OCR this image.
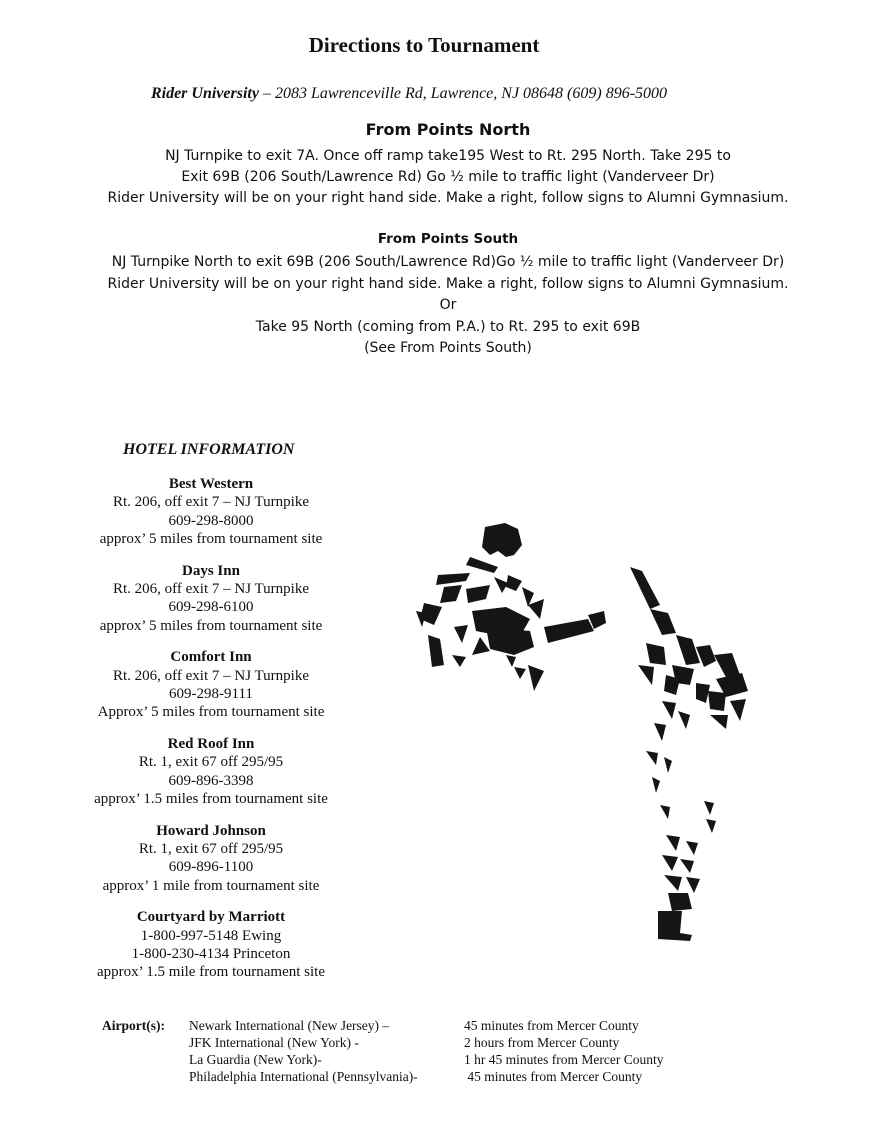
Directions to Tournament
Rider University – 2083 Lawrenceville Rd, Lawrence, NJ 08648 (609) 896-5000
From Points North
NJ Turnpike to exit 7A. Once off ramp take195 West to Rt. 295 North. Take 295 to
Exit 69B (206 South/Lawrence Rd) Go ½ mile to traffic light (Vanderveer Dr)
Rider University will be on your right hand side. Make a right, follow signs to Alumni Gymnasium.
From Points South
NJ Turnpike North to exit 69B (206 South/Lawrence Rd)Go ½ mile to traffic light (Vanderveer Dr)
Rider University will be on your right hand side. Make a right, follow signs to Alumni Gymnasium.
Or
Take 95 North (coming from P.A.) to Rt. 295 to exit 69B
(See From Points South)
HOTEL INFORMATION
Best Western
Rt. 206, off exit 7 – NJ Turnpike
609-298-8000
approx’ 5 miles from tournament site
Days Inn
Rt. 206, off exit 7 – NJ Turnpike
609-298-6100
approx’ 5 miles from tournament site
Comfort Inn
Rt. 206, off exit 7 – NJ Turnpike
609-298-9111
Approx’ 5 miles from tournament site
Red Roof Inn
Rt. 1, exit 67 off 295/95
609-896-3398
approx’ 1.5 miles from tournament site
Howard Johnson
Rt. 1, exit 67 off 295/95
609-896-1100
approx’ 1 mile from tournament site
Courtyard by Marriott
1-800-997-5148 Ewing
1-800-230-4134 Princeton
approx’ 1.5 mile from tournament site
Airport(s): Newark International (New Jersey) –
JFK International (New York) -
La Guardia (New York)-
Philadelphia International (Pennsylvania)-
45 minutes from Mercer County
2 hours from Mercer County
1 hr 45 minutes from Mercer County
45 minutes from Mercer County
